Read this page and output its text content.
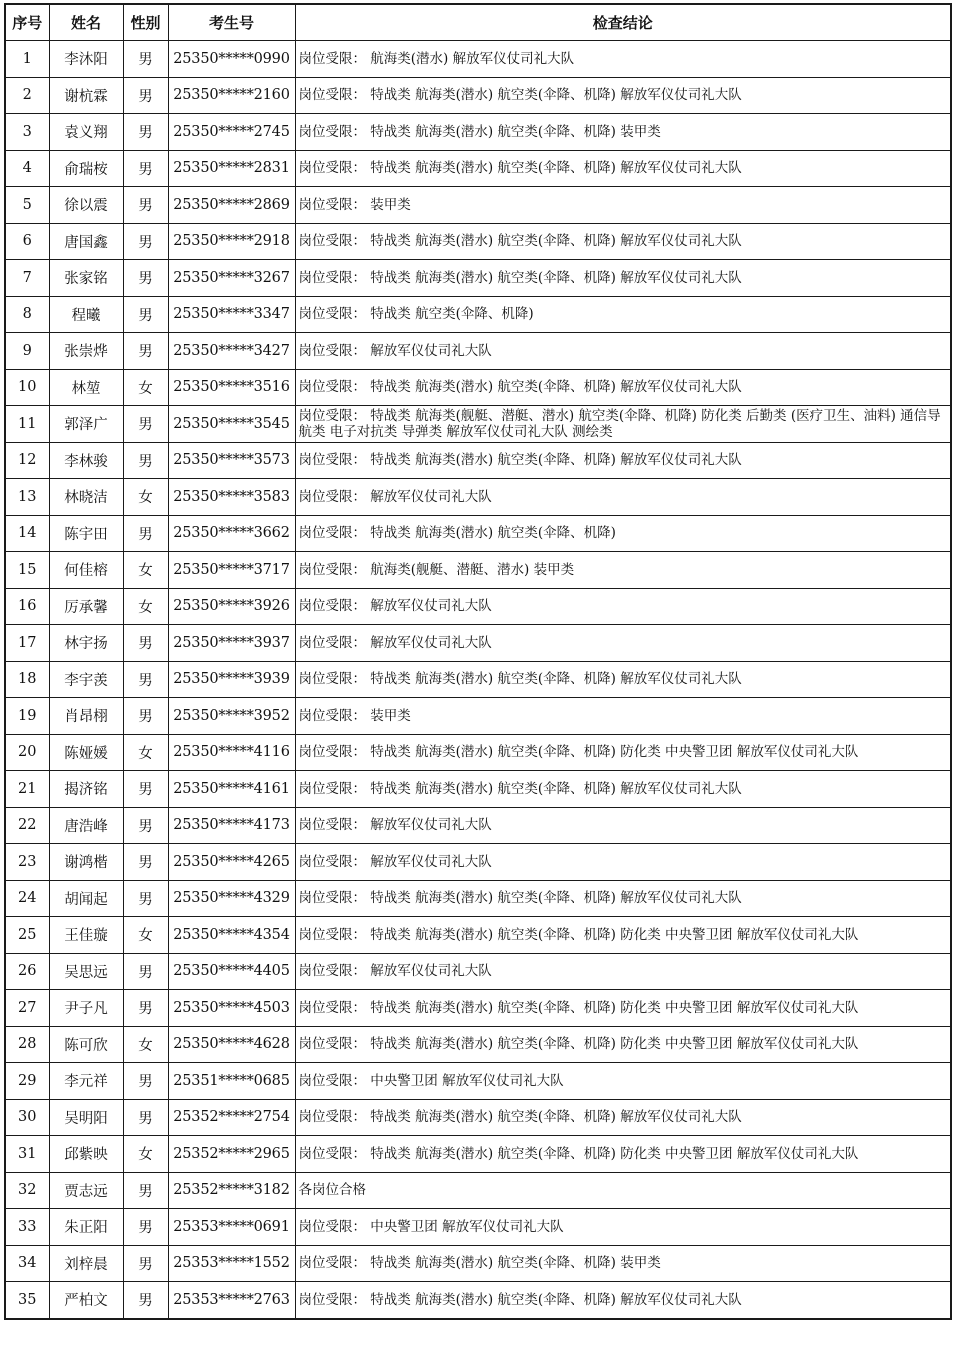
序号	姓名	性别	考生号	检查结论
1	李沐阳	男	25350*****0990	岗位受限： 航海类(潜水) 解放军仪仗司礼大队
2	谢杭霖	男	25350*****2160	岗位受限： 特战类 航海类(潜水) 航空类(伞降、机降) 解放军仪仗司礼大队
3	袁义翔	男	25350*****2745	岗位受限： 特战类 航海类(潜水) 航空类(伞降、机降) 装甲类
4	俞瑞桉	男	25350*****2831	岗位受限： 特战类 航海类(潜水) 航空类(伞降、机降) 解放军仪仗司礼大队
5	徐以震	男	25350*****2869	岗位受限： 装甲类
6	唐国鑫	男	25350*****2918	岗位受限： 特战类 航海类(潜水) 航空类(伞降、机降) 解放军仪仗司礼大队
7	张家铭	男	25350*****3267	岗位受限： 特战类 航海类(潜水) 航空类(伞降、机降) 解放军仪仗司礼大队
8	程曦	男	25350*****3347	岗位受限： 特战类 航空类(伞降、机降)
9	张崇烨	男	25350*****3427	岗位受限： 解放军仪仗司礼大队
10	林堃	女	25350*****3516	岗位受限： 特战类 航海类(潜水) 航空类(伞降、机降) 解放军仪仗司礼大队
11	郭泽广	男	25350*****3545	岗位受限： 特战类 航海类(舰艇、潜艇、潜水) 航空类(伞降、机降) 防化类 后勤类 (医疗卫生、油料) 通信导航类 电子对抗类 导弹类 解放军仪仗司礼大队 测绘类
12	李林骏	男	25350*****3573	岗位受限： 特战类 航海类(潜水) 航空类(伞降、机降) 解放军仪仗司礼大队
13	林晓洁	女	25350*****3583	岗位受限： 解放军仪仗司礼大队
14	陈宇田	男	25350*****3662	岗位受限： 特战类 航海类(潜水) 航空类(伞降、机降)
15	何佳榕	女	25350*****3717	岗位受限： 航海类(舰艇、潜艇、潜水) 装甲类
16	厉承馨	女	25350*****3926	岗位受限： 解放军仪仗司礼大队
17	林宇扬	男	25350*****3937	岗位受限： 解放军仪仗司礼大队
18	李宇羡	男	25350*****3939	岗位受限： 特战类 航海类(潜水) 航空类(伞降、机降) 解放军仪仗司礼大队
19	肖昂栩	男	25350*****3952	岗位受限： 装甲类
20	陈娅媛	女	25350*****4116	岗位受限： 特战类 航海类(潜水) 航空类(伞降、机降) 防化类 中央警卫团 解放军仪仗司礼大队
21	揭济铭	男	25350*****4161	岗位受限： 特战类 航海类(潜水) 航空类(伞降、机降) 解放军仪仗司礼大队
22	唐浩峰	男	25350*****4173	岗位受限： 解放军仪仗司礼大队
23	谢鸿楷	男	25350*****4265	岗位受限： 解放军仪仗司礼大队
24	胡闻起	男	25350*****4329	岗位受限： 特战类 航海类(潜水) 航空类(伞降、机降) 解放军仪仗司礼大队
25	王佳璇	女	25350*****4354	岗位受限： 特战类 航海类(潜水) 航空类(伞降、机降) 防化类 中央警卫团 解放军仪仗司礼大队
26	吴思远	男	25350*****4405	岗位受限： 解放军仪仗司礼大队
27	尹子凡	男	25350*****4503	岗位受限： 特战类 航海类(潜水) 航空类(伞降、机降) 防化类 中央警卫团 解放军仪仗司礼大队
28	陈可欣	女	25350*****4628	岗位受限： 特战类 航海类(潜水) 航空类(伞降、机降) 防化类 中央警卫团 解放军仪仗司礼大队
29	李元祥	男	25351*****0685	岗位受限： 中央警卫团 解放军仪仗司礼大队
30	吴明阳	男	25352*****2754	岗位受限： 特战类 航海类(潜水) 航空类(伞降、机降) 解放军仪仗司礼大队
31	邱紫映	女	25352*****2965	岗位受限： 特战类 航海类(潜水) 航空类(伞降、机降) 防化类 中央警卫团 解放军仪仗司礼大队
32	贾志远	男	25352*****3182	各岗位合格
33	朱正阳	男	25353*****0691	岗位受限： 中央警卫团 解放军仪仗司礼大队
34	刘梓晨	男	25353*****1552	岗位受限： 特战类 航海类(潜水) 航空类(伞降、机降) 装甲类
35	严柏文	男	25353*****2763	岗位受限： 特战类 航海类(潜水) 航空类(伞降、机降) 解放军仪仗司礼大队
